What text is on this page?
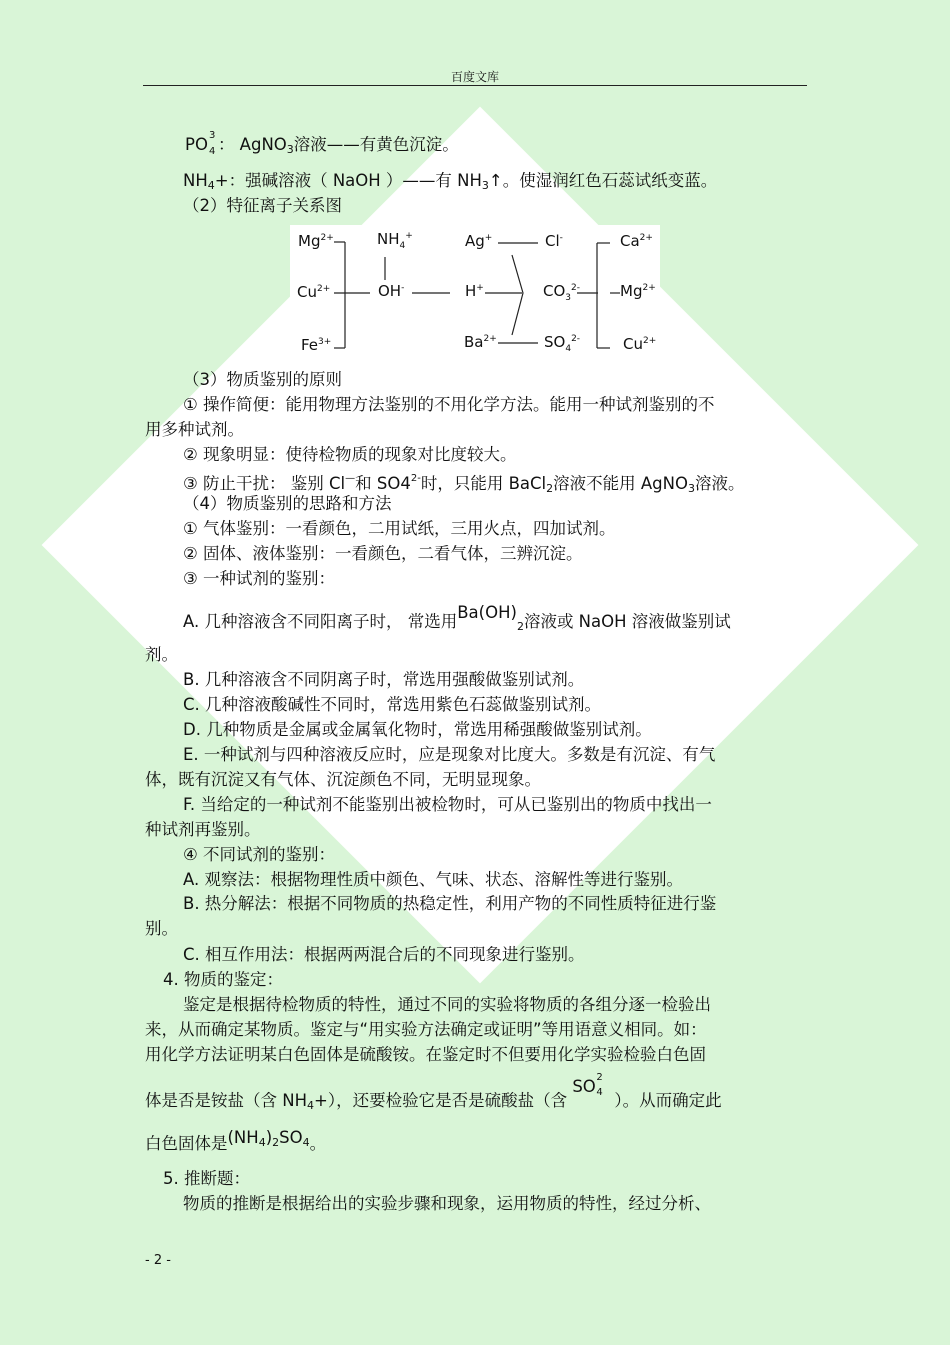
百度文库
PO 3
4 ： AgNO$_3$溶液——有黄色沉淀。
$NH_4+$：强碱溶液（ NaOH ）——有 $NH_3↑$。使湿润红色石蕊试纸变蓝。
（2）特征离子关系图
$Mg^{2+}$
$Cu^{2+}$
$Fe^{3+}$
$NH_4^+$
OH-
Ag+
H+
$Ba^{2+}$
Cl-
$CO_3^{2-}$
$SO_4^{2-}$
$Ca^{2+}$
$Mg^{2+}$
$Cu^{2+}$
（3）物质鉴别的原则
① 操作简便：能用物理方法鉴别的不用化学方法。能用一种试剂鉴别的不
用多种试剂。
② 现象明显：使待检物质的现象对比度较大。
③ 防止干扰： 鉴别 Cl—和 $SO4^{2-}$时，只能用 BaCl$_2$溶液不能用 AgNO$_3$溶液。
（4）物质鉴别的思路和方法
① 气体鉴别：一看颜色，二用试纸，三用火点，四加试剂。
② 固体、液体鉴别：一看颜色，二看气体，三辨沉淀。
③ 一种试剂的鉴别：
A. 几种溶液含不同阳离子时， 常选用$Ba(OH)_2$溶液或 NaOH 溶液做鉴别试
剂。
B. 几种溶液含不同阴离子时，常选用强酸做鉴别试剂。
C. 几种溶液酸碱性不同时，常选用紫色石蕊做鉴别试剂。
D. 几种物质是金属或金属氧化物时，常选用稀强酸做鉴别试剂。
E. 一种试剂与四种溶液反应时，应是现象对比度大。多数是有沉淀、有气
体，既有沉淀又有气体、沉淀颜色不同，无明显现象。
F. 当给定的一种试剂不能鉴别出被检物时，可从已鉴别出的物质中找出一
种试剂再鉴别。
④ 不同试剂的鉴别：
A. 观察法：根据物理性质中颜色、气味、状态、溶解性等进行鉴别。
B. 热分解法：根据不同物质的热稳定性，利用产物的不同性质特征进行鉴
别。
C. 相互作用法：根据两两混合后的不同现象进行鉴别。
4. 物质的鉴定：
鉴定是根据待检物质的特性，通过不同的实验将物质的各组分逐一检验出
来，从而确定某物质。鉴定与“用实验方法确定或证明”等用语意义相同。如：
用化学方法证明某白色固体是硫酸铵。在鉴定时不但要用化学实验检验白色固
体是否是铵盐（含 $NH_4+$），还要检验它是否是硫酸盐（含
SO 2
4 ）。从而确定此
白色固体是$(NH_4)_2SO_4$。
5. 推断题：
物质的推断是根据给出的实验步骤和现象，运用物质的特性，经过分析、
- 2 -
